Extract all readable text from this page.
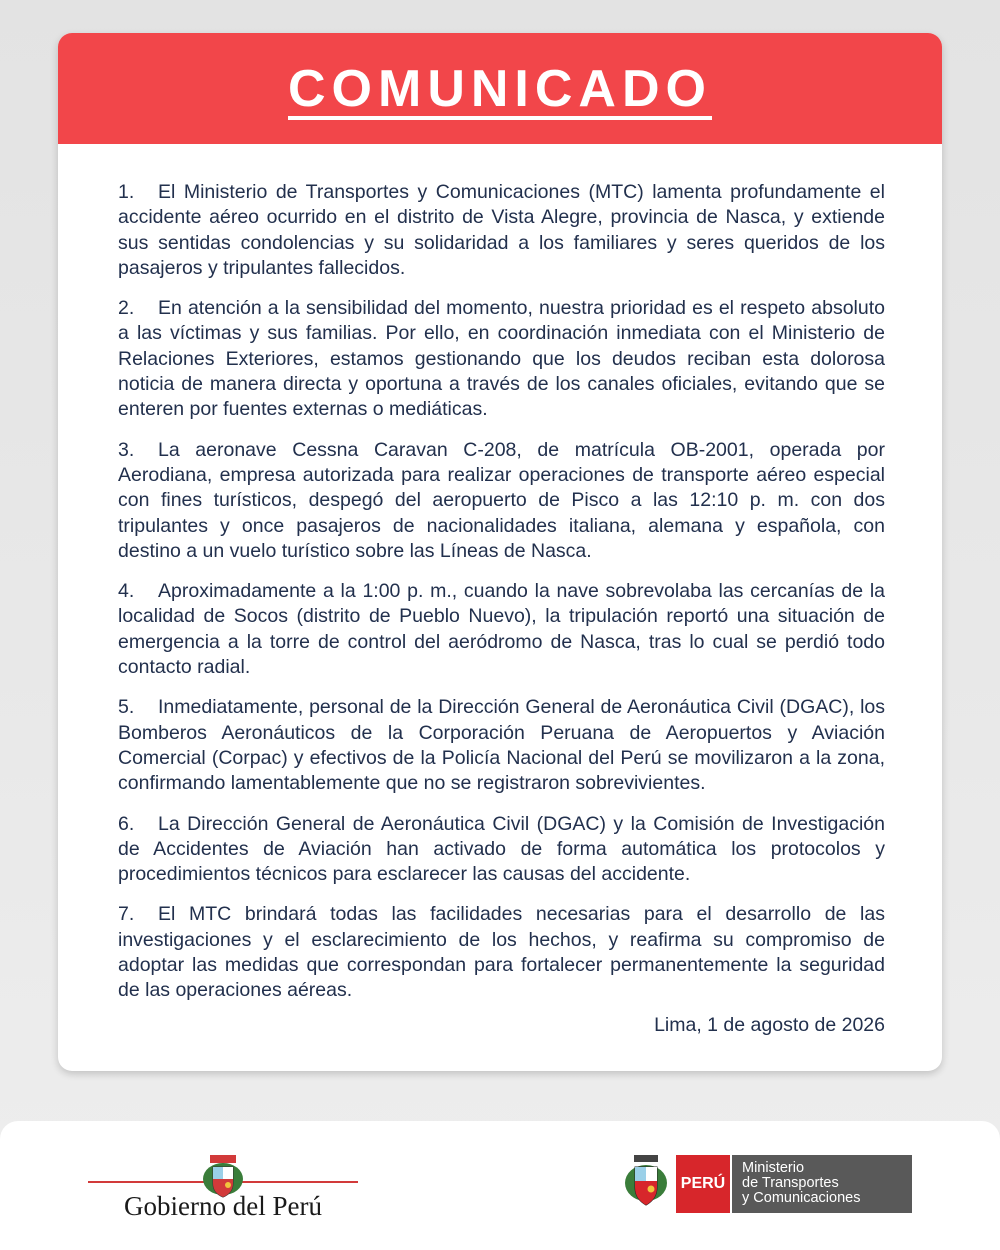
COMUNICADO

1. El Ministerio de Transportes y Comunicaciones (MTC) lamenta profundamente el accidente aéreo ocurrido en el distrito de Vista Alegre, provincia de Nasca, y extiende sus sentidas condolencias y su solidaridad a los familiares y seres queridos de los pasajeros y tripulantes fallecidos.

2. En atención a la sensibilidad del momento, nuestra prioridad es el respeto absoluto a las víctimas y sus familias. Por ello, en coordinación inmediata con el Ministerio de Relaciones Exteriores, estamos gestionando que los deudos reciban esta dolorosa noticia de manera directa y oportuna a través de los canales oficiales, evitando que se enteren por fuentes externas o mediáticas.

3. La aeronave Cessna Caravan C-208, de matrícula OB-2001, operada por Aerodiana, empresa autorizada para realizar operaciones de transporte aéreo especial con fines turísticos, despegó del aeropuerto de Pisco a las 12:10 p. m. con dos tripulantes y once pasajeros de nacionalidades italiana, alemana y española, con destino a un vuelo turístico sobre las Líneas de Nasca.

4. Aproximadamente a la 1:00 p. m., cuando la nave sobrevolaba las cercanías de la localidad de Socos (distrito de Pueblo Nuevo), la tripulación reportó una situación de emergencia a la torre de control del aeródromo de Nasca, tras lo cual se perdió todo contacto radial.

5. Inmediatamente, personal de la Dirección General de Aeronáutica Civil (DGAC), los Bomberos Aeronáuticos de la Corporación Peruana de Aeropuertos y Aviación Comercial (Corpac) y efectivos de la Policía Nacional del Perú se movilizaron a la zona, confirmando lamentablemente que no se registraron sobrevivientes.

6. La Dirección General de Aeronáutica Civil (DGAC) y la Comisión de Investigación de Accidentes de Aviación han activado de forma automática los protocolos y procedimientos técnicos para esclarecer las causas del accidente.

7. El MTC brindará todas las facilidades necesarias para el desarrollo de las investigaciones y el esclarecimiento de los hechos, y reafirma su compromiso de adoptar las medidas que correspondan para fortalecer permanentemente la seguridad de las operaciones aéreas.

Lima, 1 de agosto de 2026
Gobierno del Perú
PERÚ
Ministerio
de Transportes
y Comunicaciones
